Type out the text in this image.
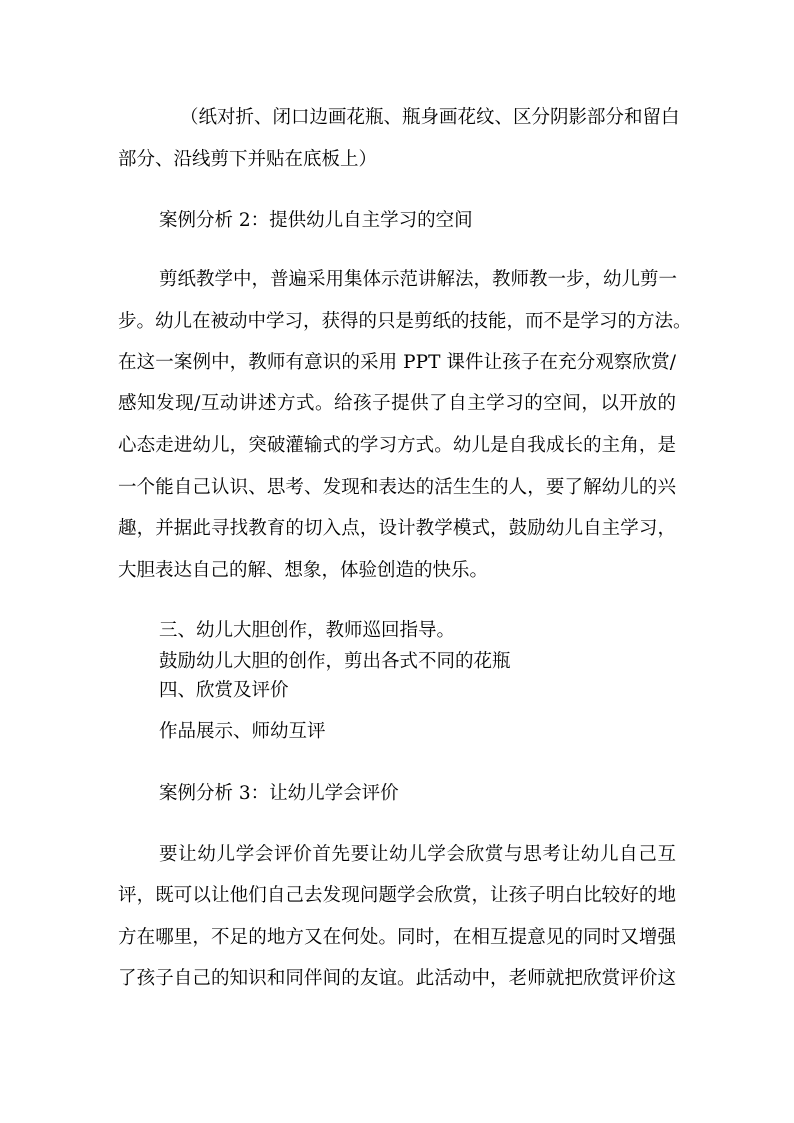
（纸对折、闭口边画花瓶、瓶身画花纹、区分阴影部分和留白
部分、沿线剪下并贴在底板上）
案例分析 2：提供幼儿自主学习的空间
剪纸教学中，普遍采用集体示范讲解法，教师教一步，幼儿剪一
步。幼儿在被动中学习，获得的只是剪纸的技能，而不是学习的方法。
在这一案例中，教师有意识的采用 PPT 课件让孩子在充分观察欣赏/
感知发现/互动讲述方式。给孩子提供了自主学习的空间，以开放的
心态走进幼儿，突破灌输式的学习方式。幼儿是自我成长的主角，是
一个能自己认识、思考、发现和表达的活生生的人，要了解幼儿的兴
趣，并据此寻找教育的切入点，设计教学模式，鼓励幼儿自主学习，
大胆表达自己的解、想象，体验创造的快乐。
三、幼儿大胆创作，教师巡回指导。
鼓励幼儿大胆的创作，剪出各式不同的花瓶
四、欣赏及评价
作品展示、师幼互评
案例分析 3：让幼儿学会评价
要让幼儿学会评价首先要让幼儿学会欣赏与思考让幼儿自己互
评，既可以让他们自己去发现问题学会欣赏，让孩子明白比较好的地
方在哪里，不足的地方又在何处。同时，在相互提意见的同时又增强
了孩子自己的知识和同伴间的友谊。此活动中，老师就把欣赏评价这
